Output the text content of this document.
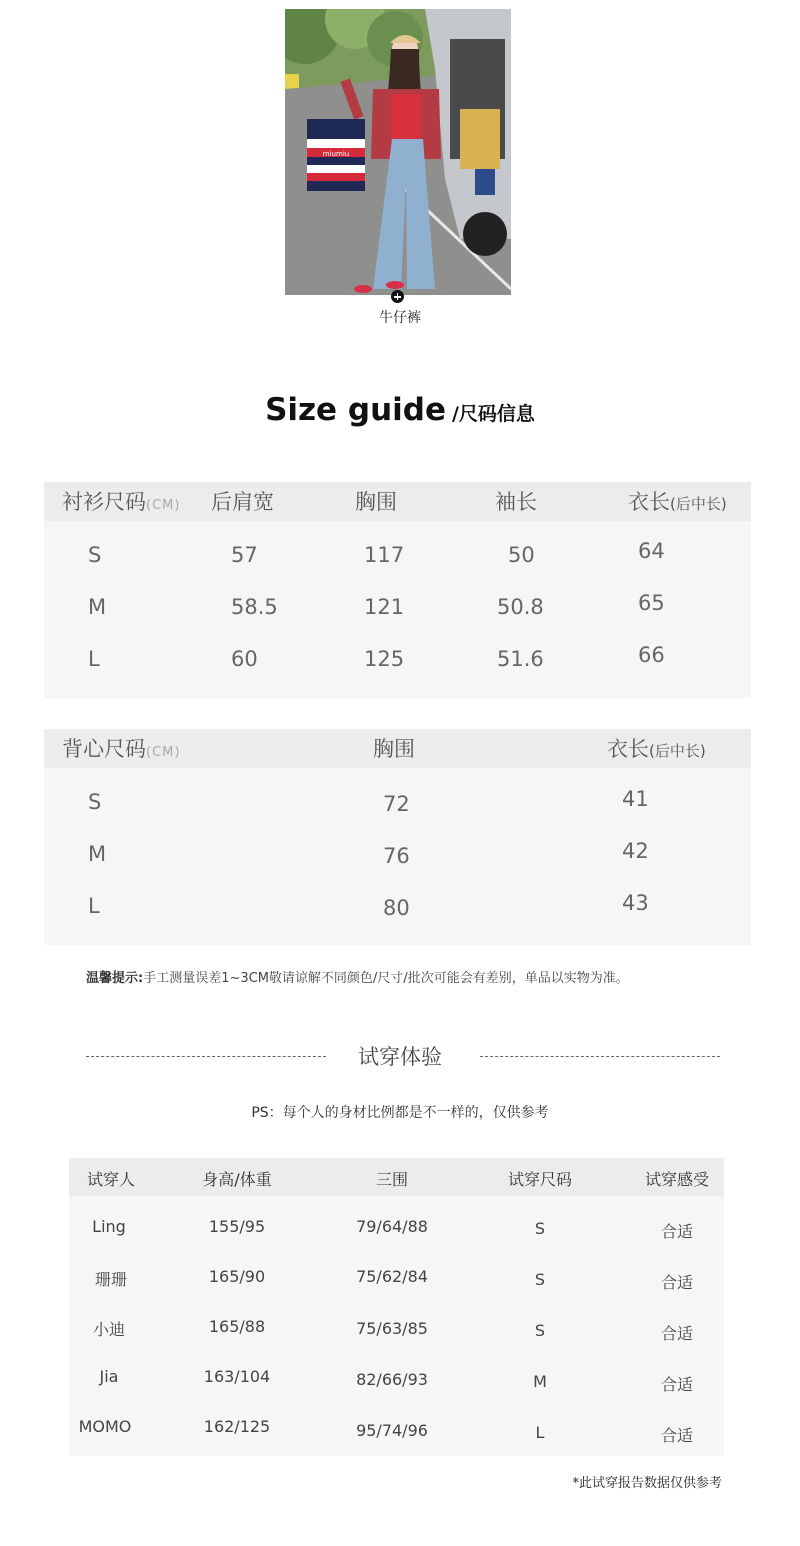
miumiu
牛仔裤
Size guide /尺码信息
衬衫尺码(CM) 后肩宽	胸围	袖长	衣长(后中长)
S	57	117	50	64
M	58.5	121	50.8	65
L	60	125	51.6	66
背心尺码(CM)	胸围	衣长(后中长)
S	72	41
M	76	42
L	80	43
温馨提示:手工测量误差1~3CM敬请谅解不同颜色/尺寸/批次可能会有差别，单品以实物为准。
试穿体验
PS：每个人的身材比例都是不一样的，仅供参考
试穿人	身高/体重	三围	试穿尺码	试穿感受
Ling	155/95	79/64/88	S	合适
珊珊	165/90	75/62/84	S	合适
小迪	165/88	75/63/85	S	合适
Jia	163/104	82/66/93	M	合适
MOMO	162/125	95/74/96	L	合适
*此试穿报告数据仅供参考
